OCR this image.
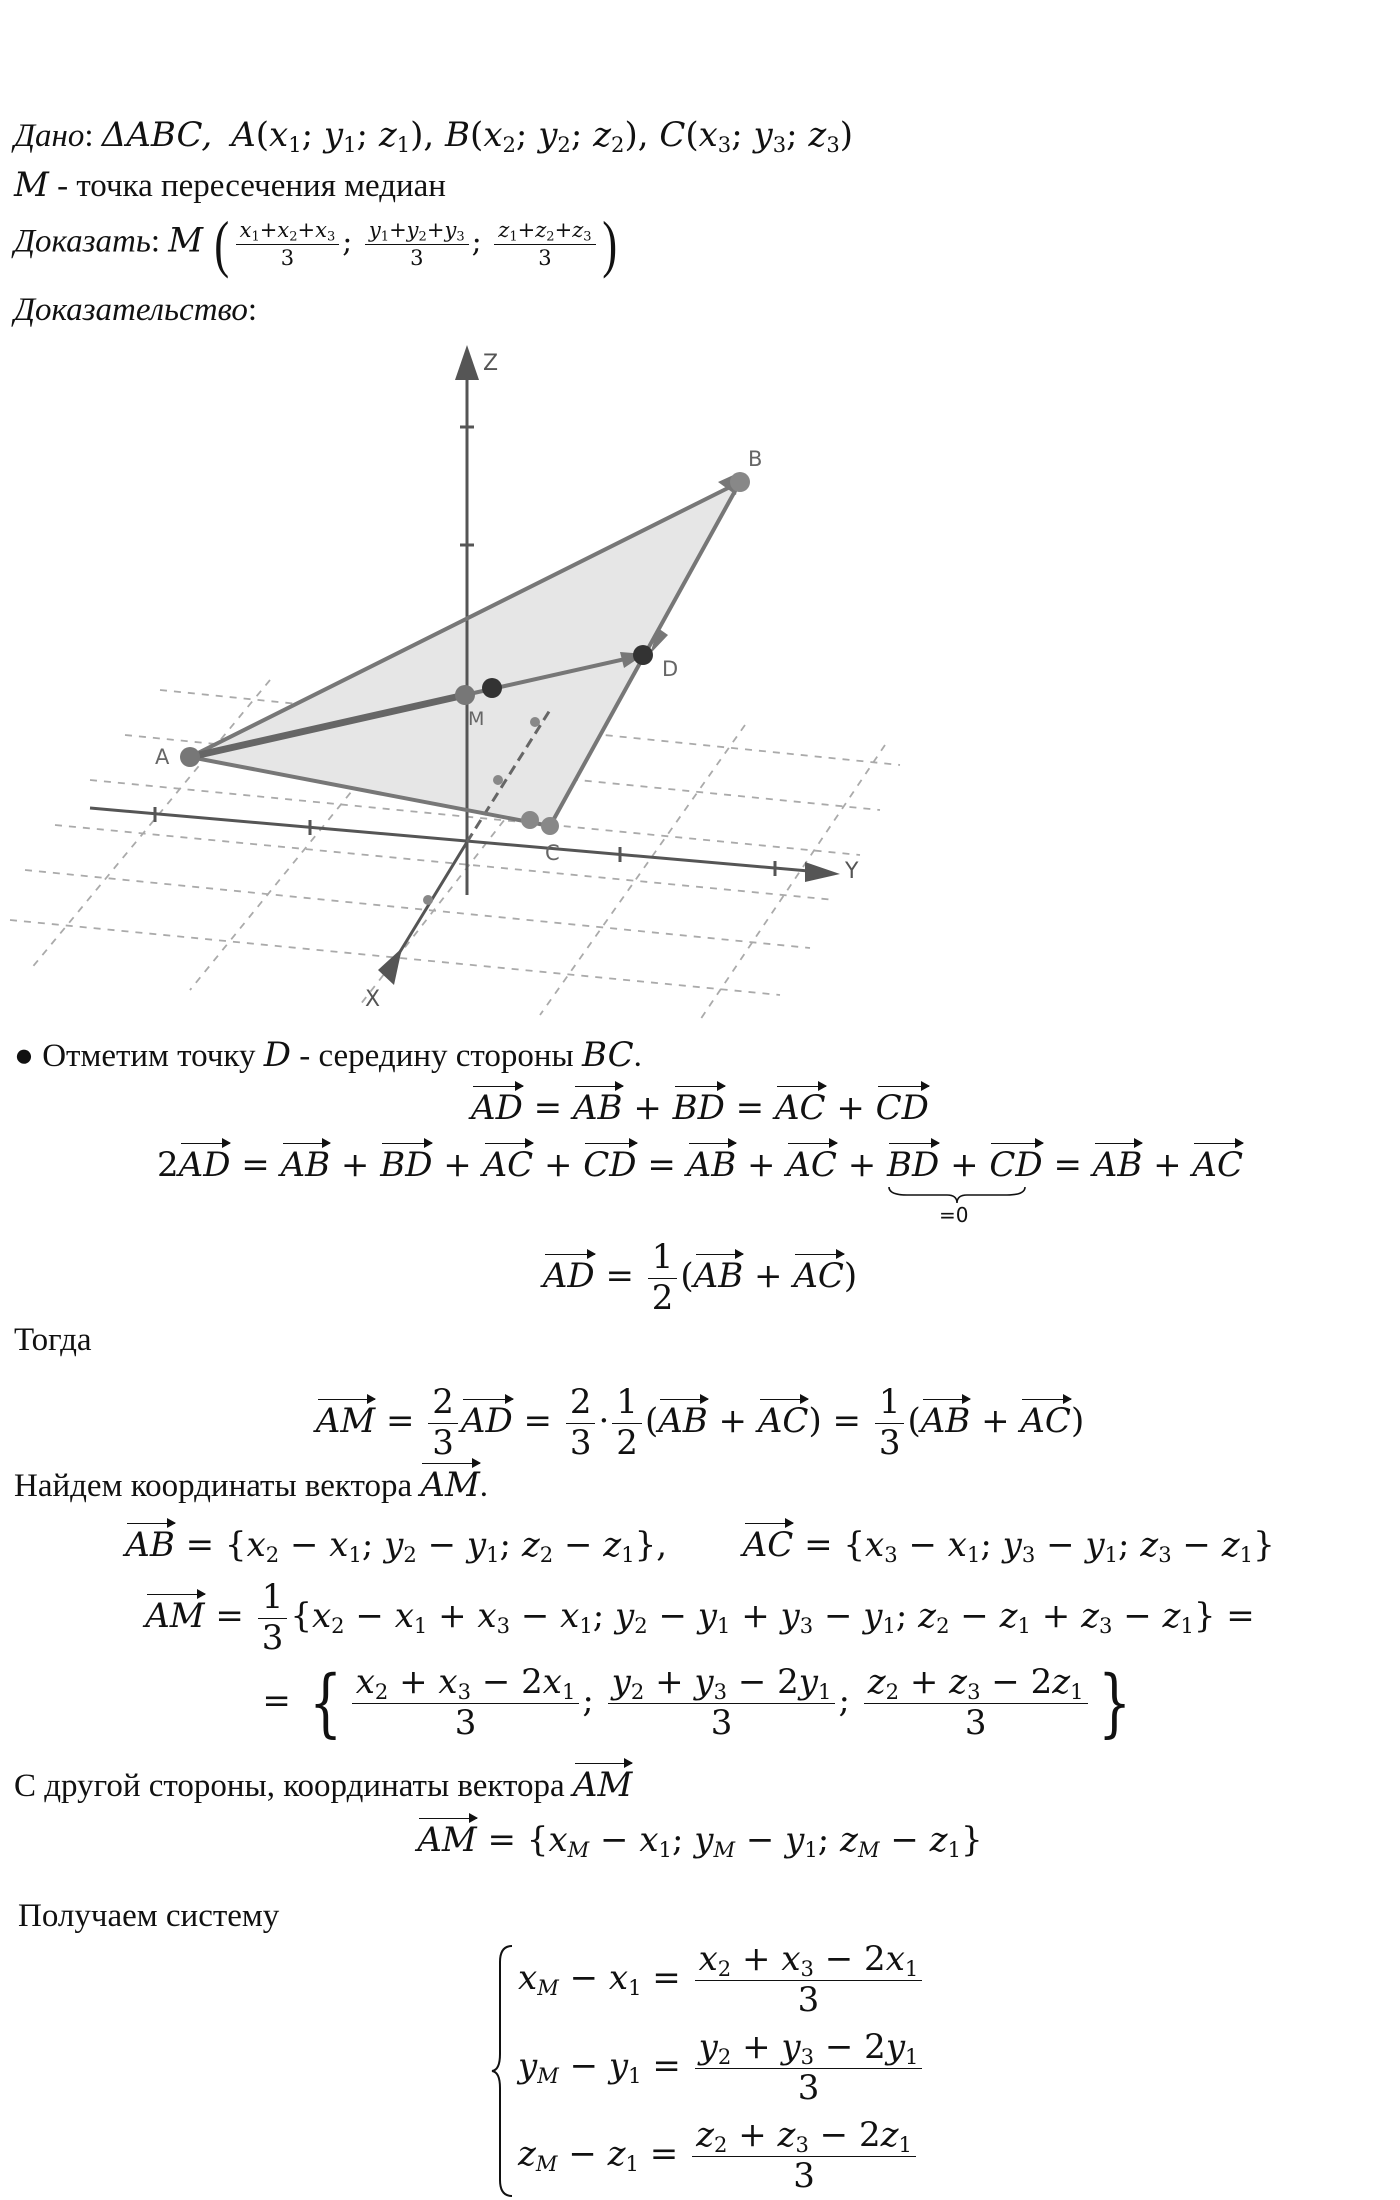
Дано: ΔABC, $A(x_1$; $y_1$; $z_1$), $B(x_2$; $y_2$; $z_2$), $C(x_3$; $y_3$; $z_3$)
M - точка пересечения медиан
Доказать: M ( $\frac{x_1+x_2+x_3}{3}$ ; $\frac{y_1+y_2+y_3}{3}$ ; $\frac{z_1+z_2+z_3}{3}$ )
Доказательство:
Z
Y
X
A
B
C
D
M
● Отметим точку D - середину стороны BC.
AD = AB + BD = AC + CD
2AD = AB + BD + AC + CD = AB + AC + BD + CD
=0
= AB + AC
AD = $\frac{1}{2} (AB + AC)$
Тогда
AM = $\frac{2}{3}$ AD = $\frac{2}{3} \cdot \frac{1}{2} (AB + AC) = \frac{1}{3} (AB + AC)$
Найдем координаты вектора AM.
AB = {$x_2 - x_1$; $y_2 - y_1$; $z_2 - z_1$},       AC = {$x_3 - x_1$; $y_3 - y_1$; $z_3 - z_1$}
AM = $\frac{1}{3} \{x_2 - x_1 + x_3 - x_1$; $y_2 - y_1 + y_3 - y_1$; $z_2 - z_1 + z_3 - z_1$} =
= { $\frac{x_2 + x_3 - 2x_1}{3}$ ; $\frac{y_2 + y_3 - 2y_1}{3}$ ; $\frac{z_2 + z_3 - 2z_1}{3}$ }
С другой стороны, координаты вектора AM
AM = {$x_M - x_1$; $y_M - y_1$; $z_M - z_1$}
Получаем систему
$x_M - x_1 = \frac{x_2 + x_3 - 2x_1}{3}$
$y_M - y_1 = \frac{y_2 + y_3 - 2y_1}{3}$
$z_M - z_1 = \frac{z_2 + z_3 - 2z_1}{3}$
